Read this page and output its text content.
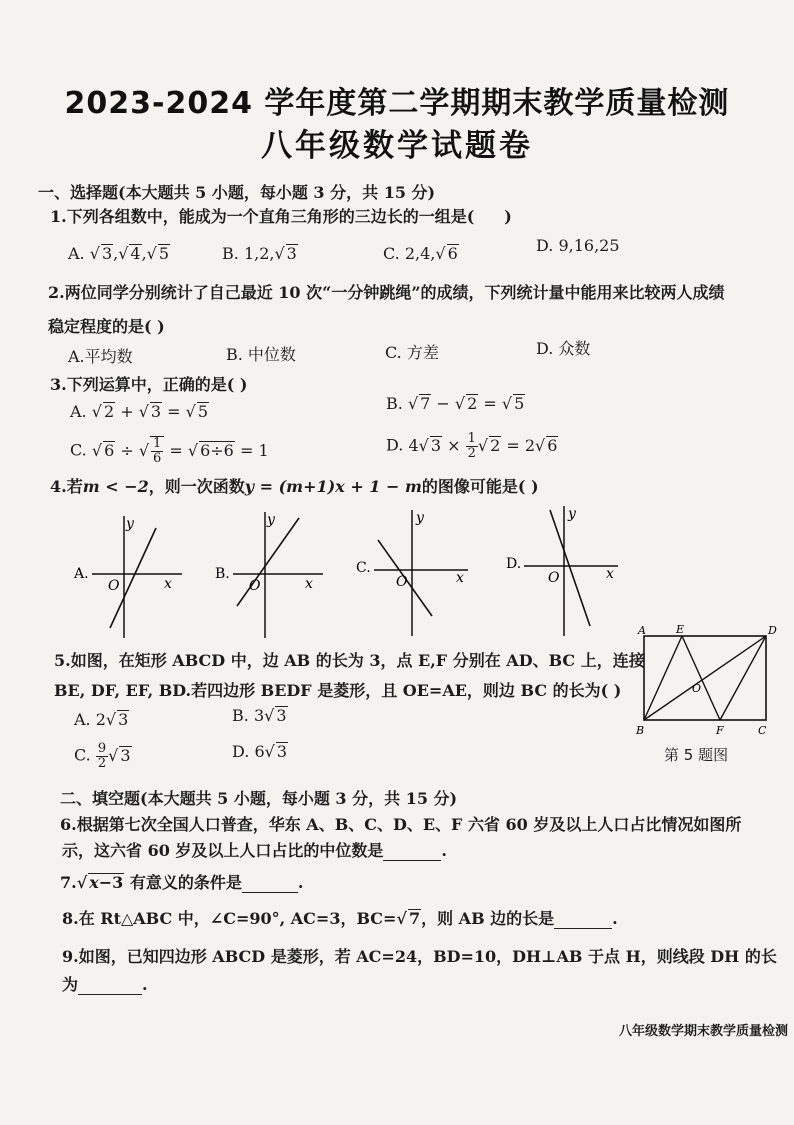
2023-2024 学年度第二学期期末教学质量检测
八年级数学试题卷
一、选择题(本大题共 5 小题，每小题 3 分，共 15 分)
1.下列各组数中，能成为一个直角三角形的三边长的一组是( )
A. √ 3,√ 4,√ 5	B. 1,2,√ 3	C. 2,4,√ 6	D. 9,16,25
2.两位同学分别统计了自己最近 10 次“一分钟跳绳”的成绩，下列统计量中能用来比较两人成绩
稳定程度的是( )
A.平均数	B. 中位数	C. 方差	D. 众数
3.下列运算中，正确的是( )
A. √ 2 + √ 3 = √ 5	B. √ 7 − √ 2 = √ 5
C. √ 6 ÷ √ $\frac{1}{6}$ = √ 6÷6 = 1	D. 4√ $3 \times \frac{1}{2}$ √ 2 = 2√ 6
4.若m < −2，则一次函数y = (m+1)x + 1 − m的图像可能是( )
A.
y
x
O
B.
y
x
O
C.
y
x
O
D.
y
x
O
5.如图，在矩形 ABCD 中，边 AB 的长为 3，点 E,F 分别在 AD、BC 上，连接
BE, DF, EF, BD.若四边形 BEDF 是菱形，且 OE=AE，则边 BC 的长为( )
A. 2√ 3	B. 3√ 3
C. $\frac{9}{2}$ √ 3	D. 6√ 3
A	E	D
O
B	F	C
第 5 题图
二、填空题(本大题共 5 小题，每小题 3 分，共 15 分)
6.根据第七次全国人口普查，华东 A、B、C、D、E、F 六省 60 岁及以上人口占比情况如图所
示，这六省 60 岁及以上人口占比的中位数是	.
7.√ x−3 有意义的条件是	.
8.在 Rt△ABC 中，∠C=90°, AC=3，BC=√ 7，则 AB 边的长是	.
9.如图，已知四边形 ABCD 是菱形，若 AC=24，BD=10，DH⊥AB 于点 H，则线段 DH 的长
为	.
八年级数学期末教学质量检测
